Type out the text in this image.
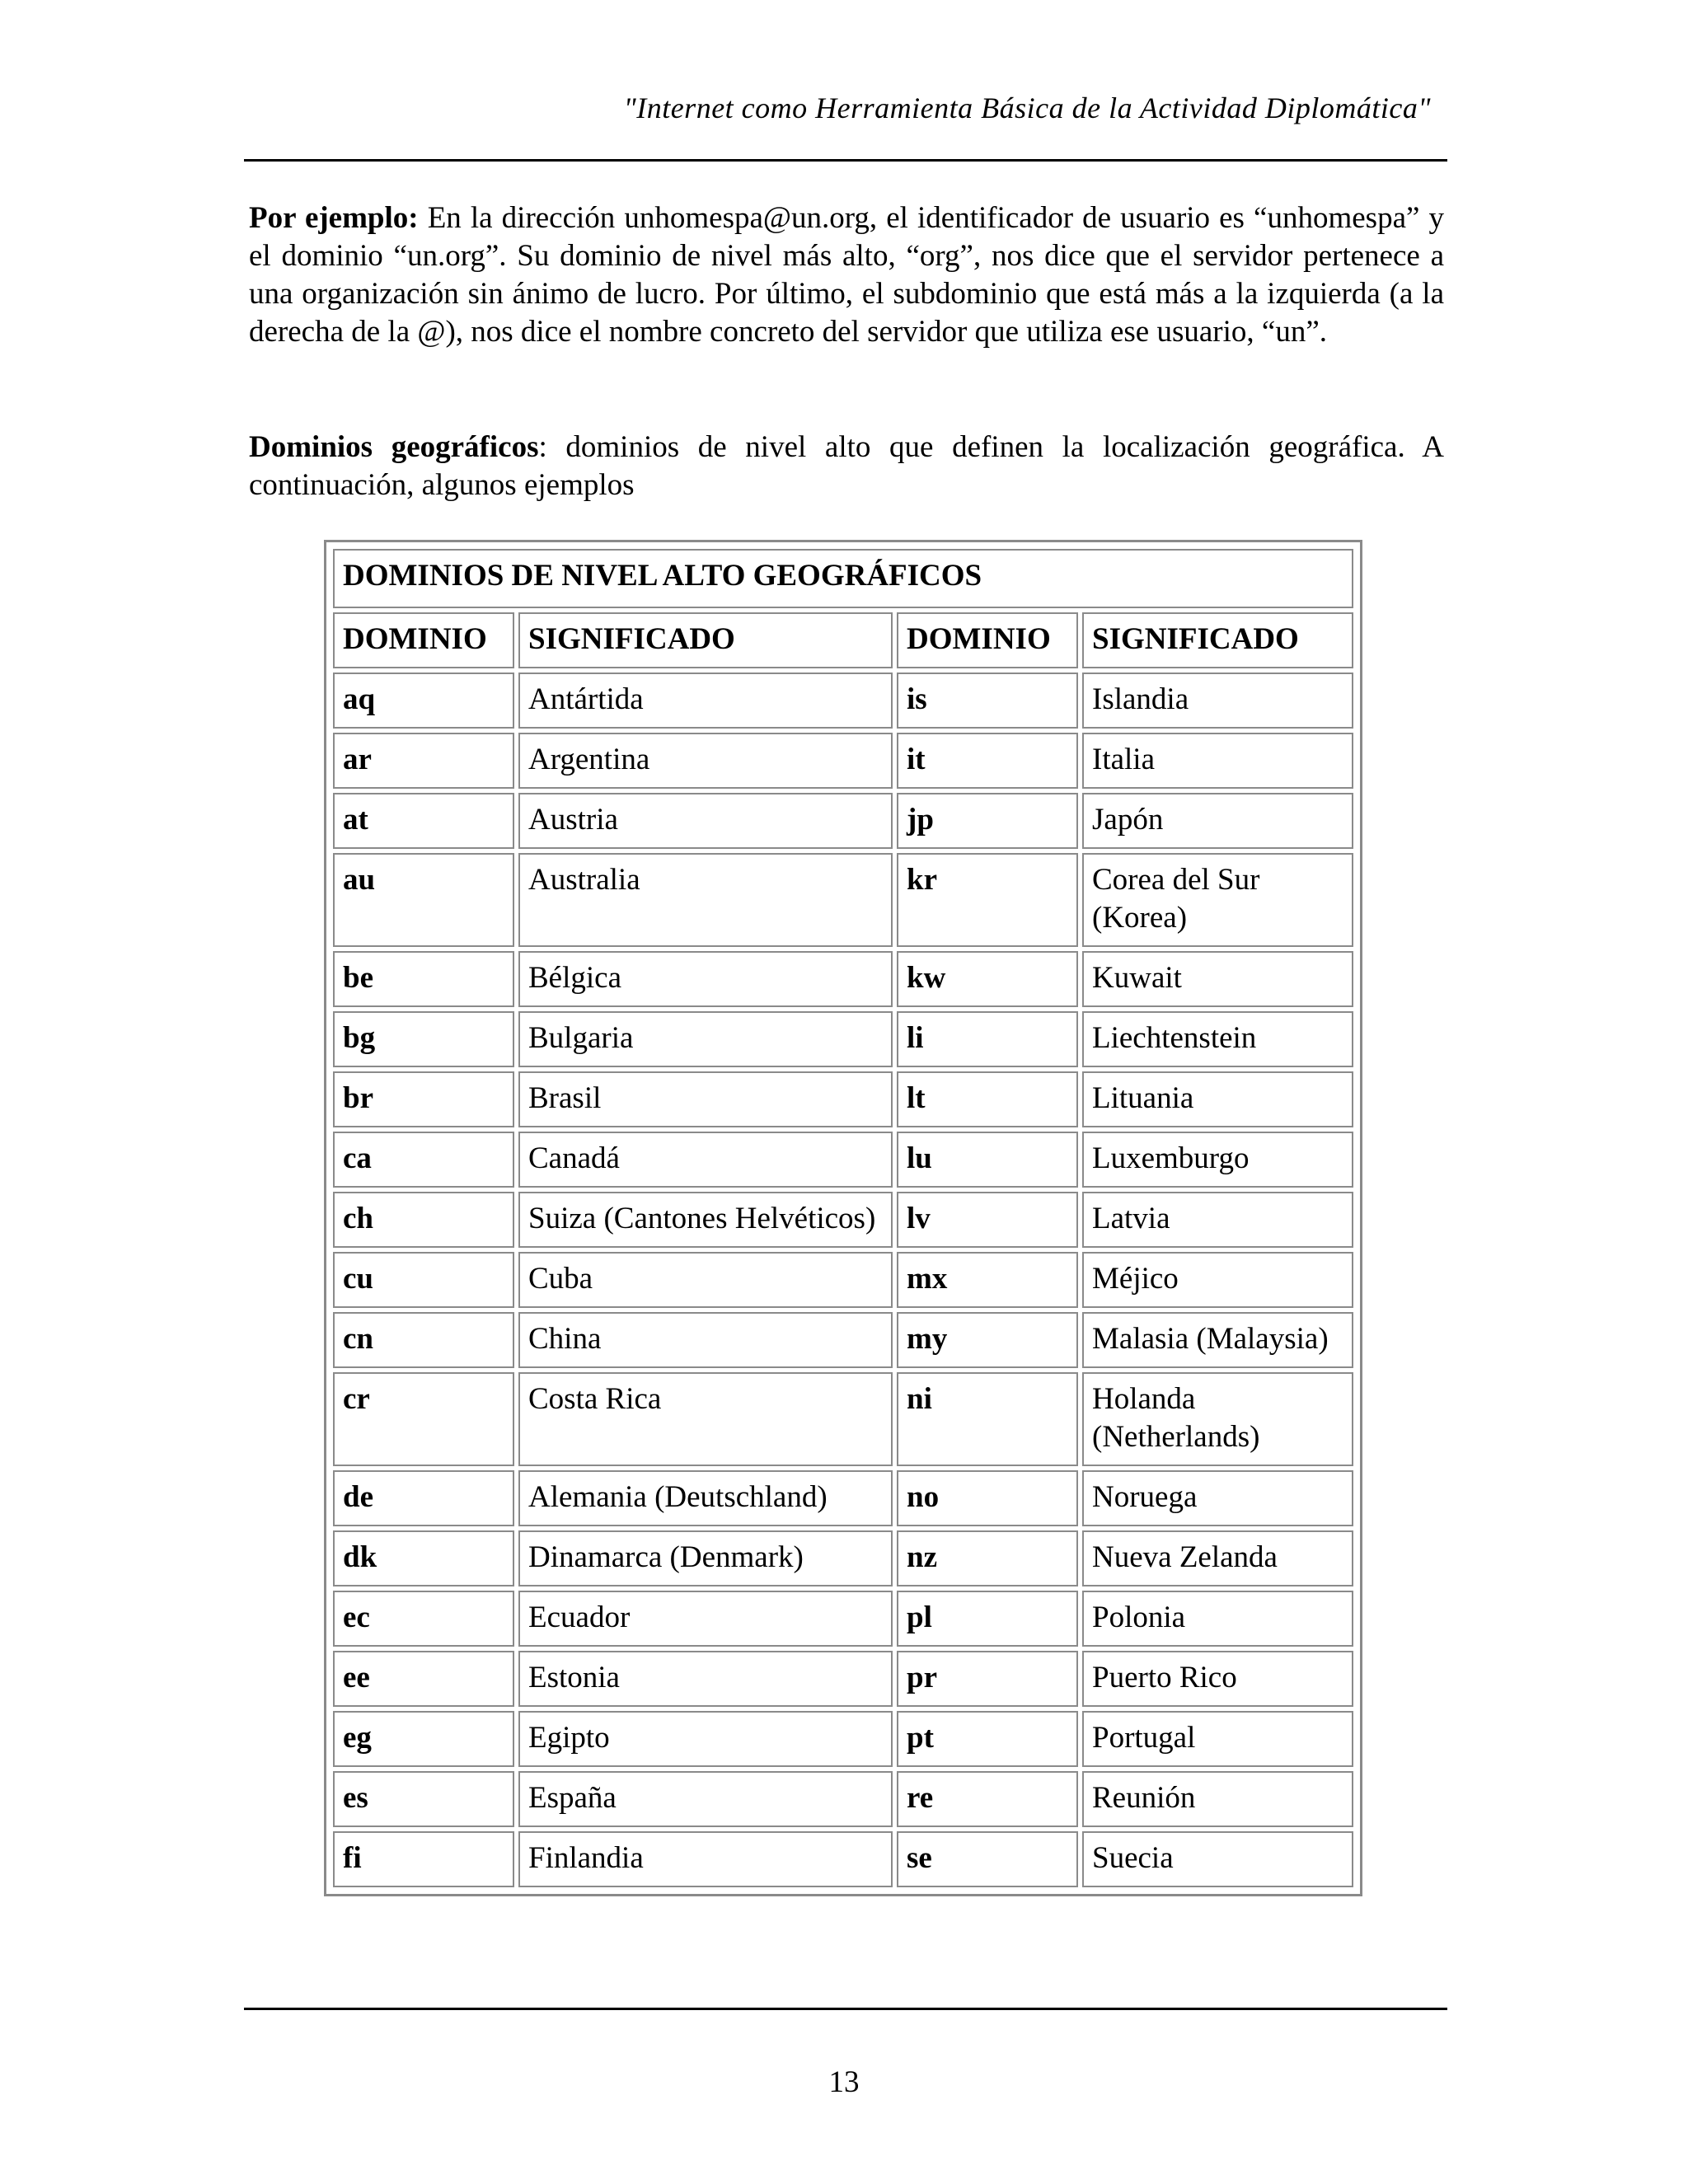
"Internet como Herramienta Básica de la Actividad Diplomática"

Por ejemplo: En la dirección unhomespa@un.org, el identificador de usuario es “unhomespa” y el dominio “un.org”. Su dominio de nivel más alto, “org”, nos dice que el servidor pertenece a una organización sin ánimo de lucro. Por último, el subdominio que está más a la izquierda (a la derecha de la @), nos dice el nombre concreto del servidor que utiliza ese usuario, “un”.

Dominios geográficos: dominios de nivel alto que definen la localización geográfica. A continuación, algunos ejemplos

DOMINIOS DE NIVEL ALTO GEOGRÁFICOS			
DOMINIO	SIGNIFICADO	DOMINIO	SIGNIFICADO
aq	Antártida	is	Islandia
ar	Argentina	it	Italia
at	Austria	jp	Japón
au	Australia	kr	Corea del Sur (Korea)
be	Bélgica	kw	Kuwait
bg	Bulgaria	li	Liechtenstein
br	Brasil	lt	Lituania
ca	Canadá	lu	Luxemburgo
ch	Suiza (Cantones Helvéticos)	lv	Latvia
cu	Cuba	mx	Méjico
cn	China	my	Malasia (Malaysia)
cr	Costa Rica	ni	Holanda (Netherlands)
de	Alemania (Deutschland)	no	Noruega
dk	Dinamarca (Denmark)	nz	Nueva Zelanda
ec	Ecuador	pl	Polonia
ee	Estonia	pr	Puerto Rico
eg	Egipto	pt	Portugal
es	España	re	Reunión
fi	Finlandia	se	Suecia
13
